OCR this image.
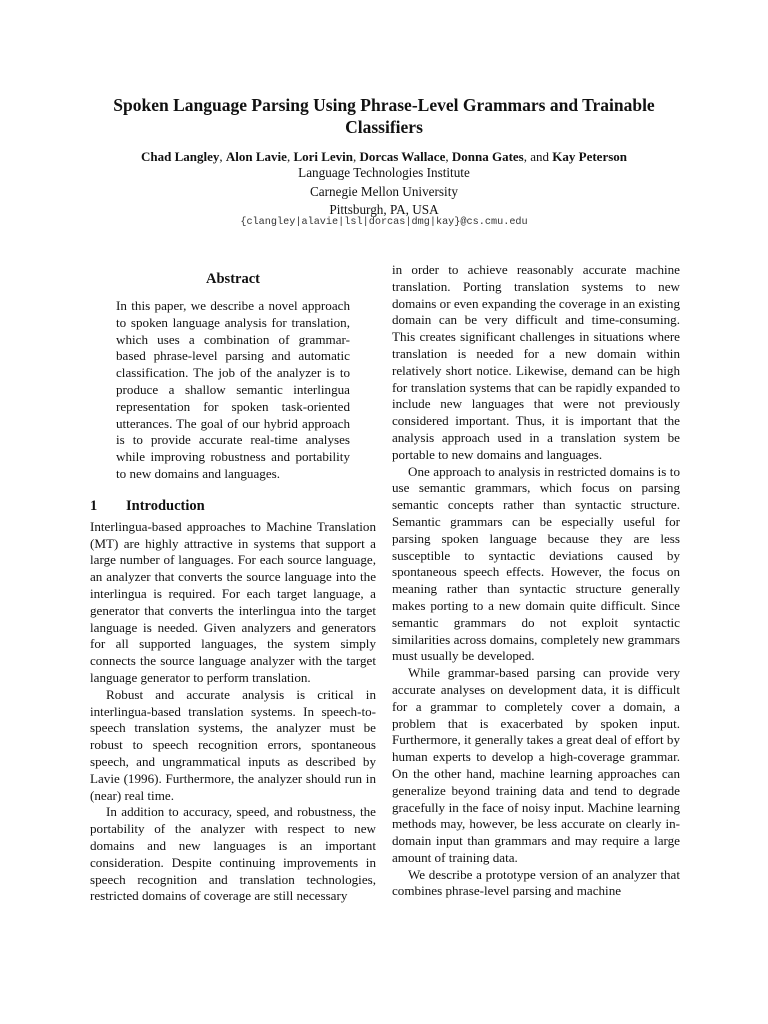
Spoken Language Parsing Using Phrase-Level Grammars and Trainable Classifiers
Chad Langley, Alon Lavie, Lori Levin, Dorcas Wallace, Donna Gates, and Kay Peterson
Language Technologies Institute
Carnegie Mellon University
Pittsburgh, PA, USA
{clangley|alavie|lsl|dorcas|dmg|kay}@cs.cmu.edu
Abstract

In this paper, we describe a novel approach to spoken language analysis for translation, which uses a combination of grammar-based phrase-level parsing and automatic classification. The job of the analyzer is to produce a shallow semantic interlingua representation for spoken task-oriented utterances. The goal of our hybrid approach is to provide accurate real-time analyses while improving robustness and portability to new domains and languages.

1 Introduction

Interlingua-based approaches to Machine Translation (MT) are highly attractive in systems that support a large number of languages. For each source language, an analyzer that converts the source language into the interlingua is required. For each target language, a generator that converts the interlingua into the target language is needed. Given analyzers and generators for all supported languages, the system simply connects the source language analyzer with the target language generator to perform translation.

Robust and accurate analysis is critical in interlingua-based translation systems. In speech-to-speech translation systems, the analyzer must be robust to speech recognition errors, spontaneous speech, and ungrammatical inputs as described by Lavie (1996). Furthermore, the analyzer should run in (near) real time.

In addition to accuracy, speed, and robustness, the portability of the analyzer with respect to new domains and new languages is an important consideration. Despite continuing improvements in speech recognition and translation technologies, restricted domains of coverage are still necessary

in order to achieve reasonably accurate machine translation. Porting translation systems to new domains or even expanding the coverage in an existing domain can be very difficult and time-consuming. This creates significant challenges in situations where translation is needed for a new domain within relatively short notice. Likewise, demand can be high for translation systems that can be rapidly expanded to include new languages that were not previously considered important. Thus, it is important that the analysis approach used in a translation system be portable to new domains and languages.

One approach to analysis in restricted domains is to use semantic grammars, which focus on parsing semantic concepts rather than syntactic structure. Semantic grammars can be especially useful for parsing spoken language because they are less susceptible to syntactic deviations caused by spontaneous speech effects. However, the focus on meaning rather than syntactic structure generally makes porting to a new domain quite difficult. Since semantic grammars do not exploit syntactic similarities across domains, completely new grammars must usually be developed.

While grammar-based parsing can provide very accurate analyses on development data, it is difficult for a grammar to completely cover a domain, a problem that is exacerbated by spoken input. Furthermore, it generally takes a great deal of effort by human experts to develop a high-coverage grammar. On the other hand, machine learning approaches can generalize beyond training data and tend to degrade gracefully in the face of noisy input. Machine learning methods may, however, be less accurate on clearly in-domain input than grammars and may require a large amount of training data.

We describe a prototype version of an analyzer that combines phrase-level parsing and machine
